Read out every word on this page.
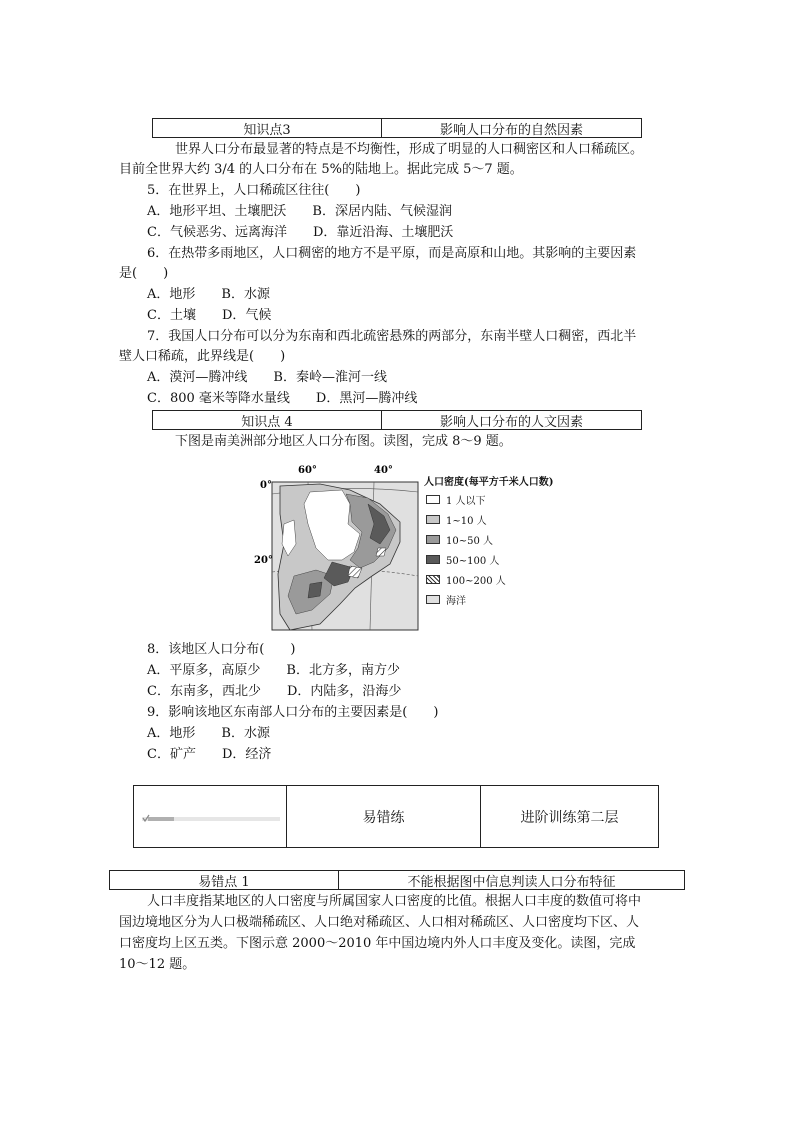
知识点3	影响人口分布的自然因素
世界人口分布最显著的特点是不均衡性，形成了明显的人口稠密区和人口稀疏区。
目前全世界大约 3/4 的人口分布在 5%的陆地上。据此完成 5～7 题。
5．在世界上，人口稀疏区往往(　　)
A．地形平坦、土壤肥沃　　B．深居内陆、气候湿润
C．气候恶劣、远离海洋　　D．靠近沿海、土壤肥沃
6．在热带多雨地区，人口稠密的地方不是平原，而是高原和山地。其影响的主要因素
是(　　)
A．地形　　B．水源
C．土壤　　D．气候
7．我国人口分布可以分为东南和西北疏密悬殊的两部分，东南半壁人口稠密，西北半
壁人口稀疏，此界线是(　　)
A．漠河—腾冲线　　B．秦岭—淮河一线
C．800 毫米等降水量线　　D．黑河—腾冲线
知识点 4	影响人口分布的人文因素
下图是南美洲部分地区人口分布图。读图，完成 8～9 题。
60°	40°
0°
20°
人口密度(每平方千米人口数)
1 人以下
1~10 人
10~50 人
50~100 人
100~200 人
海洋
8．该地区人口分布(　　)
A．平原多，高原少　　B．北方多，南方少
C．东南多，西北少　　D．内陆多，沿海少
9．影响该地区东南部人口分布的主要因素是(　　)
A．地形　　B．水源
C．矿产　　D．经济
易错练	进阶训练第二层
易错点 1	不能根据图中信息判读人口分布特征
人口丰度指某地区的人口密度与所属国家人口密度的比值。根据人口丰度的数值可将中
国边境地区分为人口极端稀疏区、人口绝对稀疏区、人口相对稀疏区、人口密度均下区、人
口密度均上区五类。下图示意 2000～2010 年中国边境内外人口丰度及变化。读图，完成
10～12 题。
